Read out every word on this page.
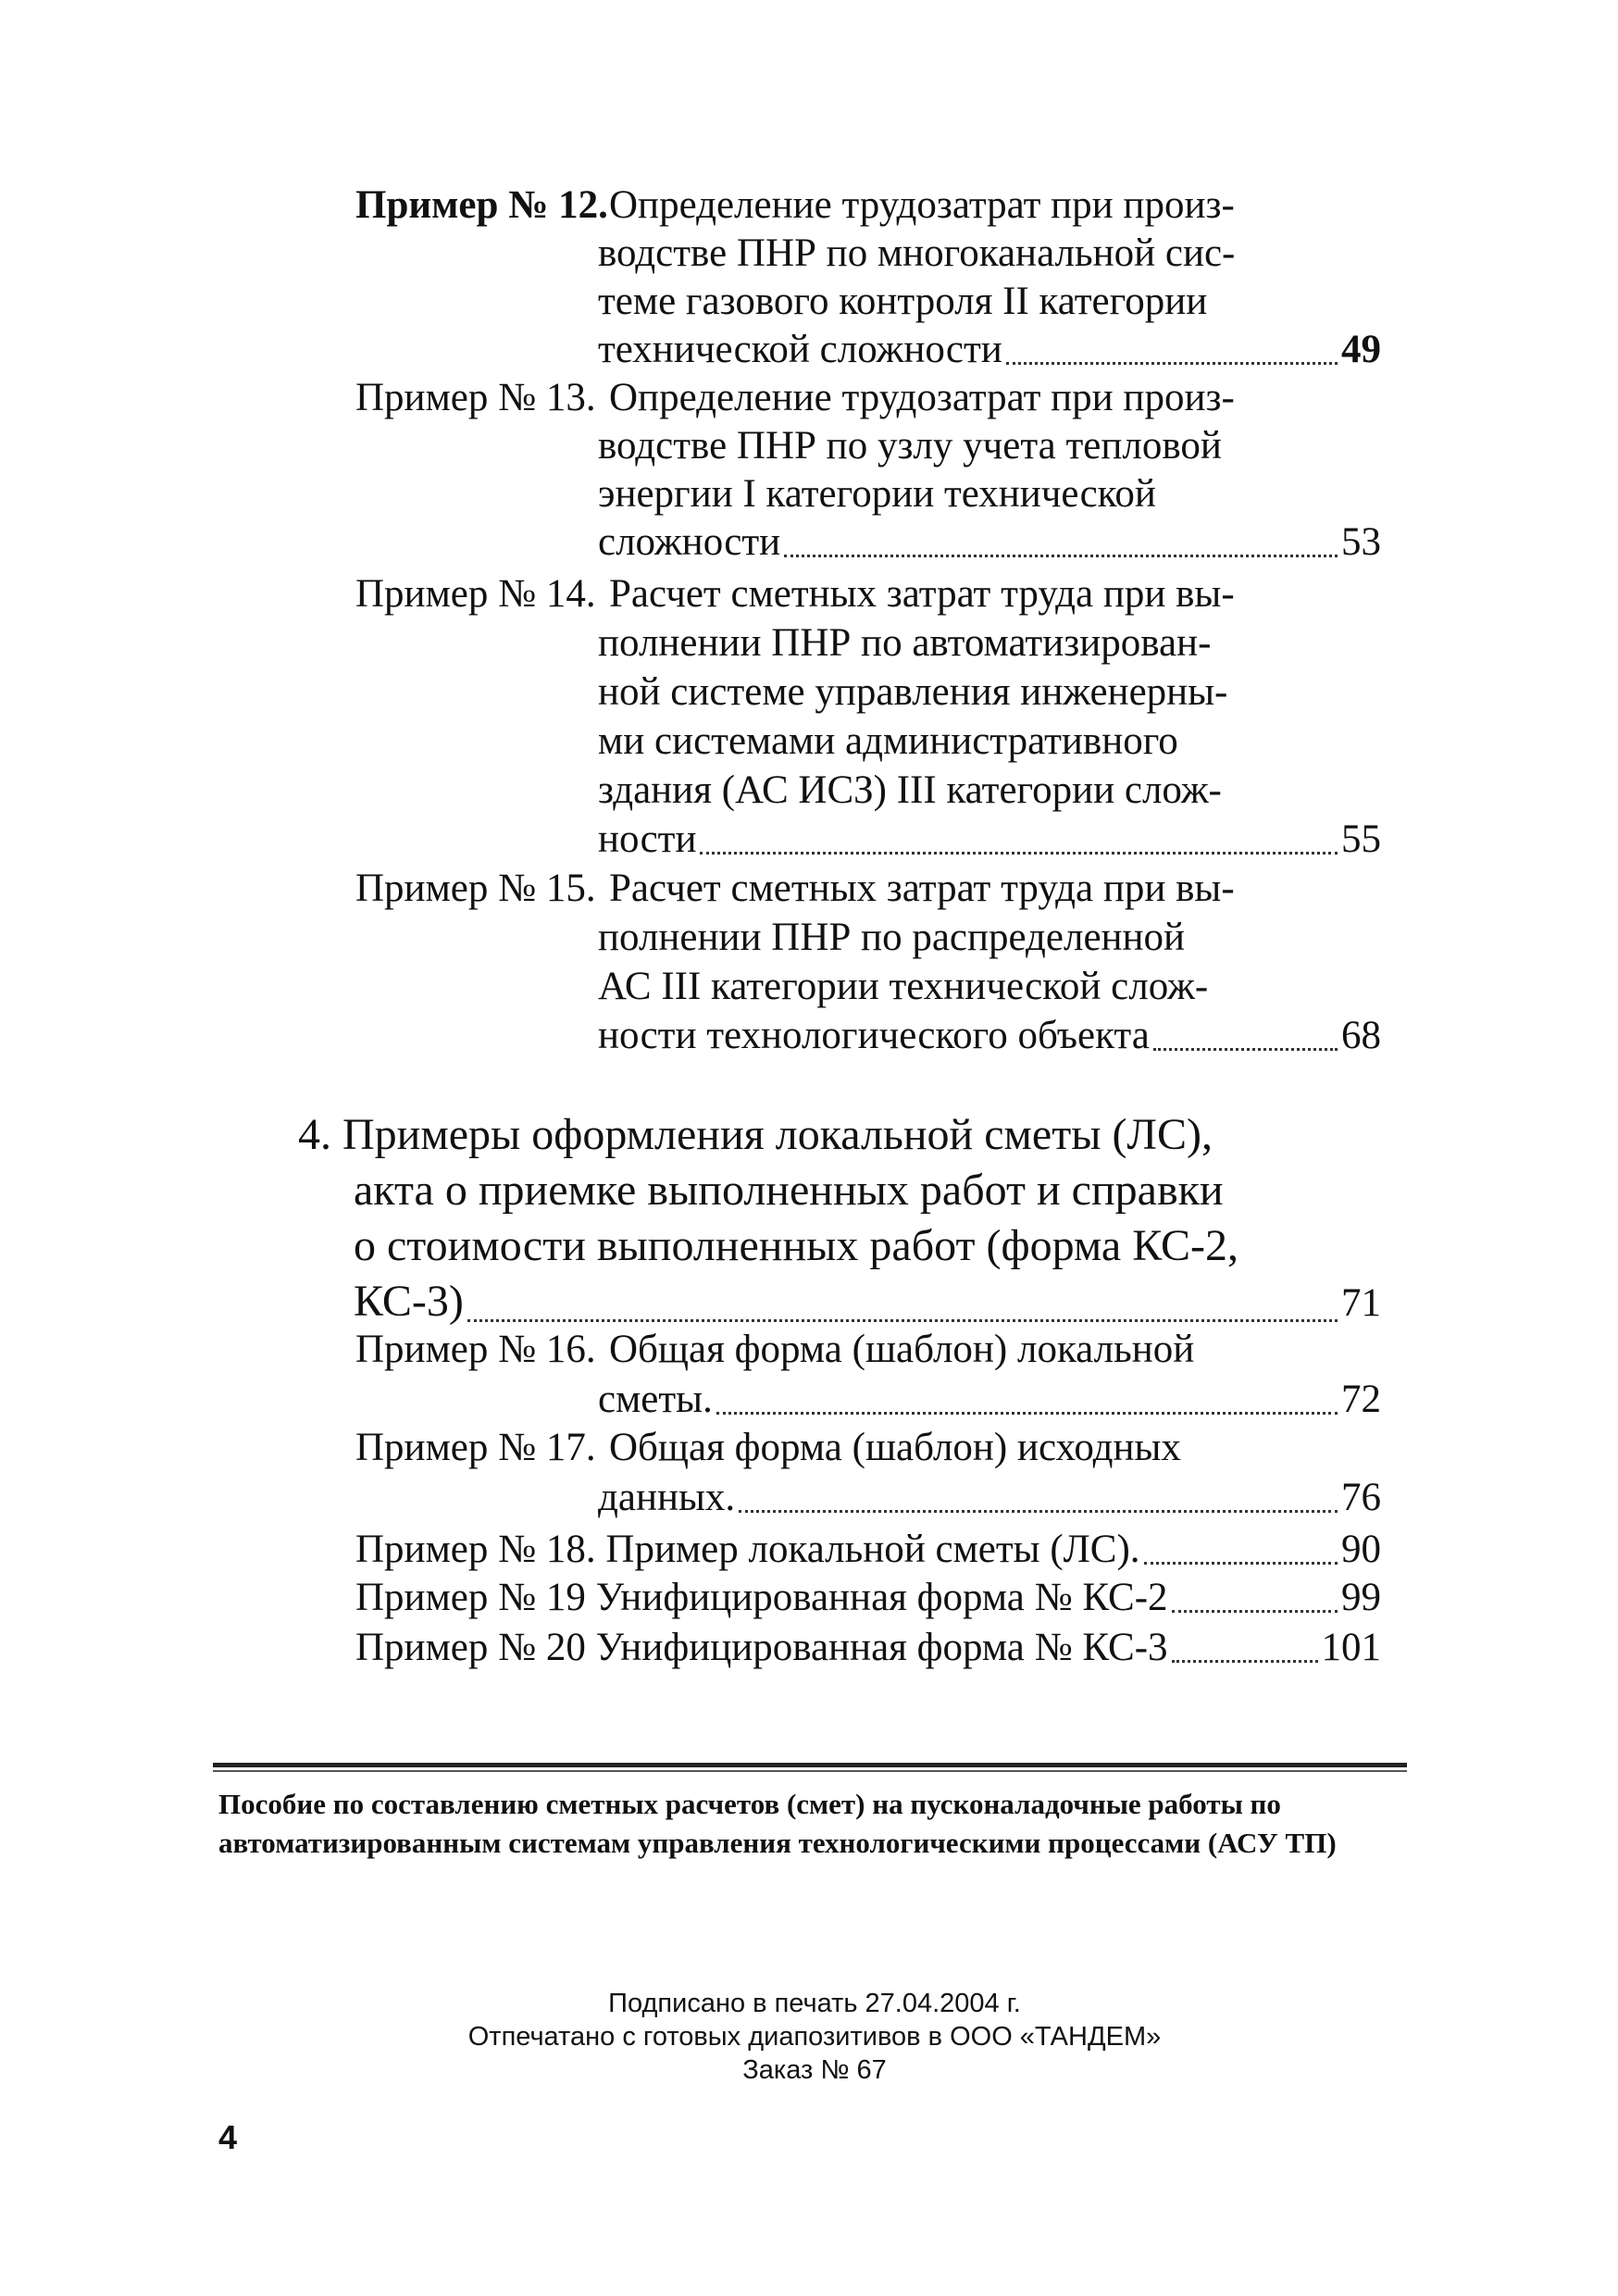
Пример № 12. Определение трудозатрат при произ-
водстве ПНР по многоканальной сис-
теме газового контроля II категории
технической сложности	49
Пример № 13. Определение трудозатрат при произ-
водстве ПНР по узлу учета тепловой
энергии I категории технической
сложности	53
Пример № 14. Расчет сметных затрат труда при вы-
полнении ПНР по автоматизирован-
ной системе управления инженерны-
ми системами административного
здания (АС ИСЗ) III категории слож-
ности	55
Пример № 15. Расчет сметных затрат труда при вы-
полнении ПНР по распределенной
АС III категории технической слож-
ности технологического объекта	68
4. Примеры оформления локальной сметы (ЛС),
акта о приемке выполненных работ и справки
о стоимости выполненных работ (форма КС-2,
КС-3)	71
Пример № 16. Общая форма (шаблон) локальной
сметы.	72
Пример № 17. Общая форма (шаблон) исходных
данных.	76
Пример № 18. Пример локальной сметы (ЛС).	90
Пример № 19 Унифицированная форма № КС-2	99
Пример № 20 Унифицированная форма № КС-3	101
Пособие по составлению сметных расчетов (смет) на пусконаладочные работы по автоматизированным системам управления технологическими процессами (АСУ ТП)
Подписано в печать 27.04.2004 г.
Отпечатано с готовых диапозитивов в ООО «ТАНДЕМ»
Заказ № 67
4
